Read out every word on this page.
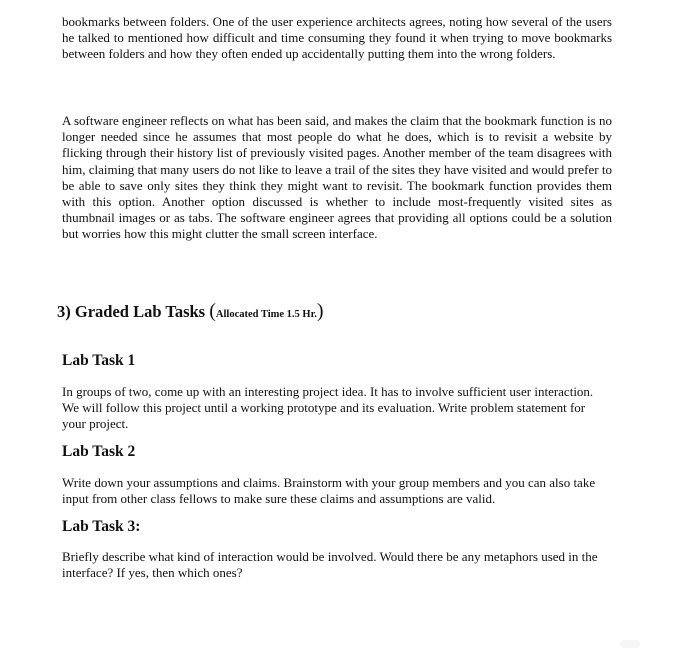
bookmarks between folders. One of the user experience architects agrees, noting how several of the users he talked to mentioned how difficult and time consuming they found it when trying to move bookmarks between folders and how they often ended up accidentally putting them into the wrong folders.

A software engineer reflects on what has been said, and makes the claim that the bookmark function is no longer needed since he assumes that most people do what he does, which is to revisit a website by flicking through their history list of previously visited pages. Another member of the team disagrees with him, claiming that many users do not like to leave a trail of the sites they have visited and would prefer to be able to save only sites they think they might want to revisit. The bookmark function provides them with this option. Another option discussed is whether to include most-frequently visited sites as thumbnail images or as tabs. The software engineer agrees that providing all options could be a solution but worries how this might clutter the small screen interface.

3) Graded Lab Tasks (Allocated Time 1.5 Hr.)
Lab Task 1

In groups of two, come up with an interesting project idea. It has to involve sufficient user interaction. We will follow this project until a working prototype and its evaluation. Write problem statement for your project.

Lab Task 2

Write down your assumptions and claims. Brainstorm with your group members and you can also take input from other class fellows to make sure these claims and assumptions are valid.

Lab Task 3:

Briefly describe what kind of interaction would be involved. Would there be any metaphors used in the interface? If yes, then which ones?
